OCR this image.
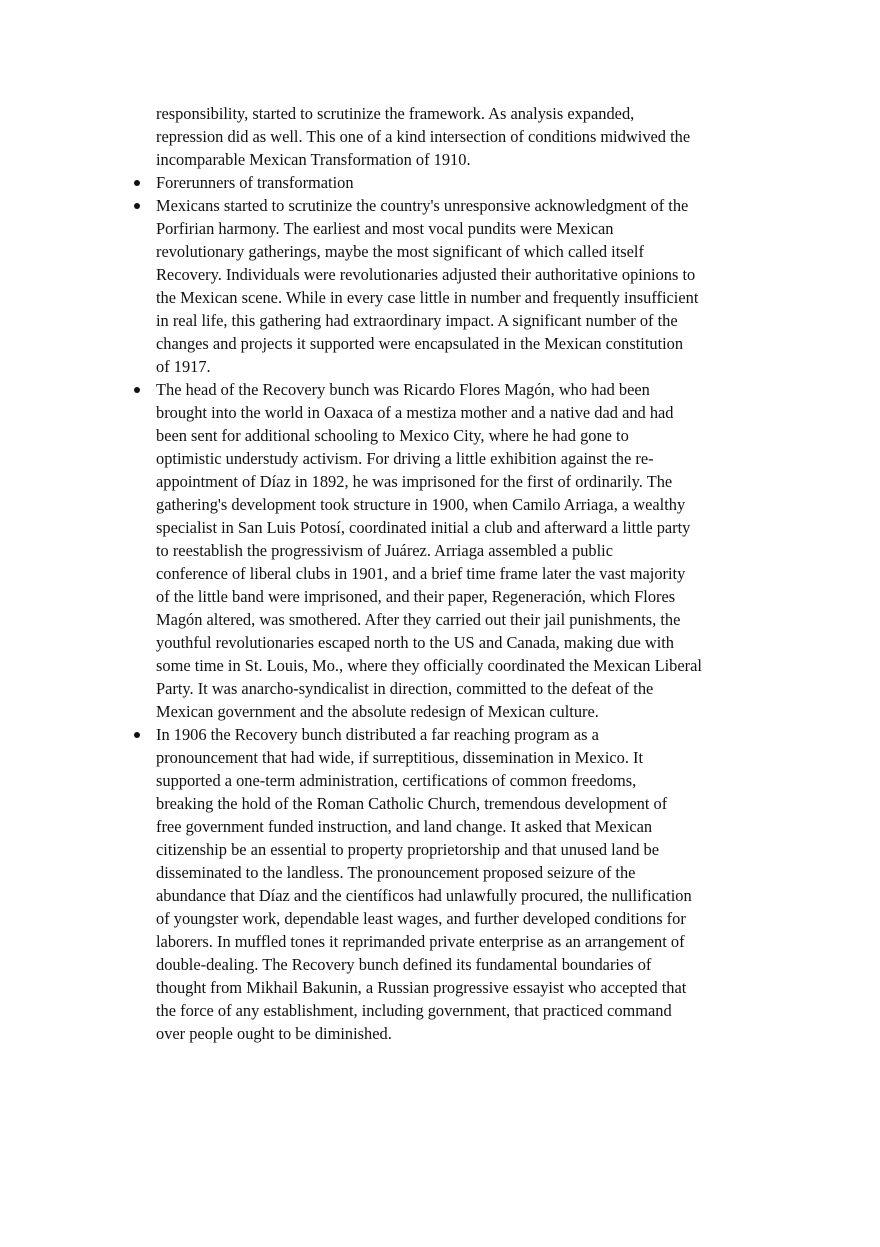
responsibility, started to scrutinize the framework. As analysis expanded,
repression did as well. This one of a kind intersection of conditions midwived the
incomparable Mexican Transformation of 1910.
Forerunners of transformation
Mexicans started to scrutinize the country's unresponsive acknowledgment of the
Porfirian harmony. The earliest and most vocal pundits were Mexican
revolutionary gatherings, maybe the most significant of which called itself
Recovery. Individuals were revolutionaries adjusted their authoritative opinions to
the Mexican scene. While in every case little in number and frequently insufficient
in real life, this gathering had extraordinary impact. A significant number of the
changes and projects it supported were encapsulated in the Mexican constitution
of 1917.
The head of the Recovery bunch was Ricardo Flores Magón, who had been
brought into the world in Oaxaca of a mestiza mother and a native dad and had
been sent for additional schooling to Mexico City, where he had gone to
optimistic understudy activism. For driving a little exhibition against the re-
appointment of Díaz in 1892, he was imprisoned for the first of ordinarily. The
gathering's development took structure in 1900, when Camilo Arriaga, a wealthy
specialist in San Luis Potosí, coordinated initial a club and afterward a little party
to reestablish the progressivism of Juárez. Arriaga assembled a public
conference of liberal clubs in 1901, and a brief time frame later the vast majority
of the little band were imprisoned, and their paper, Regeneración, which Flores
Magón altered, was smothered. After they carried out their jail punishments, the
youthful revolutionaries escaped north to the US and Canada, making due with
some time in St. Louis, Mo., where they officially coordinated the Mexican Liberal
Party. It was anarcho-syndicalist in direction, committed to the defeat of the
Mexican government and the absolute redesign of Mexican culture.
In 1906 the Recovery bunch distributed a far reaching program as a
pronouncement that had wide, if surreptitious, dissemination in Mexico. It
supported a one-term administration, certifications of common freedoms,
breaking the hold of the Roman Catholic Church, tremendous development of
free government funded instruction, and land change. It asked that Mexican
citizenship be an essential to property proprietorship and that unused land be
disseminated to the landless. The pronouncement proposed seizure of the
abundance that Díaz and the científicos had unlawfully procured, the nullification
of youngster work, dependable least wages, and further developed conditions for
laborers. In muffled tones it reprimanded private enterprise as an arrangement of
double-dealing. The Recovery bunch defined its fundamental boundaries of
thought from Mikhail Bakunin, a Russian progressive essayist who accepted that
the force of any establishment, including government, that practiced command
over people ought to be diminished.
